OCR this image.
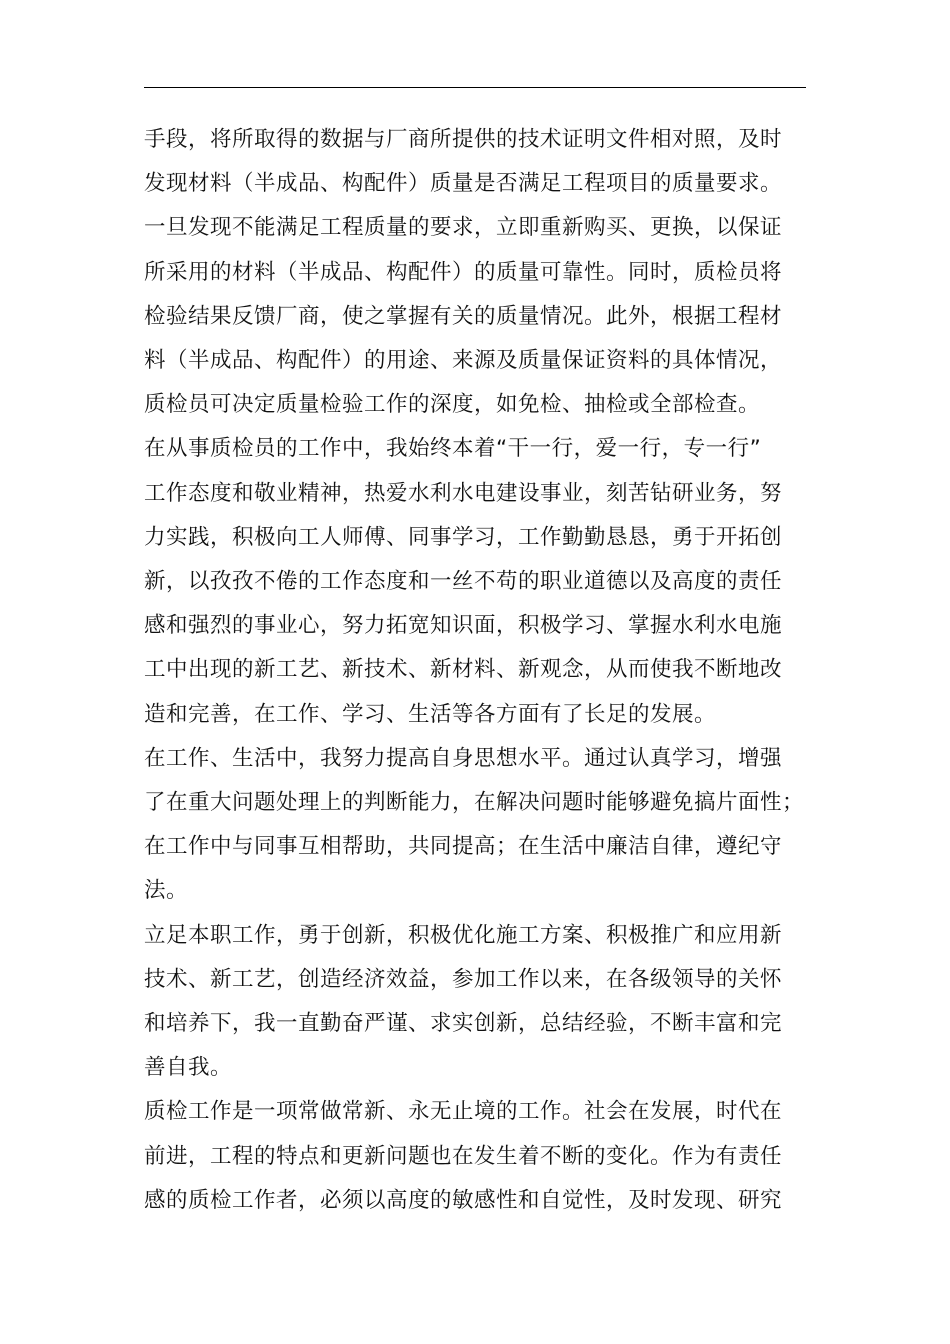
手段，将所取得的数据与厂商所提供的技术证明文件相对照，及时
发现材料（半成品、构配件）质量是否满足工程项目的质量要求。
一旦发现不能满足工程质量的要求，立即重新购买、更换，以保证
所采用的材料（半成品、构配件）的质量可靠性。同时，质检员将
检验结果反馈厂商，使之掌握有关的质量情况。此外，根据工程材
料（半成品、构配件）的用途、来源及质量保证资料的具体情况，
质检员可决定质量检验工作的深度，如免检、抽检或全部检查。
在从事质检员的工作中，我始终本着“干一行，爱一行，专一行”
工作态度和敬业精神，热爱水利水电建设事业，刻苦钻研业务，努
力实践，积极向工人师傅、同事学习，工作勤勤恳恳，勇于开拓创
新，以孜孜不倦的工作态度和一丝不苟的职业道德以及高度的责任
感和强烈的事业心，努力拓宽知识面，积极学习、掌握水利水电施
工中出现的新工艺、新技术、新材料、新观念，从而使我不断地改
造和完善，在工作、学习、生活等各方面有了长足的发展。
在工作、生活中，我努力提高自身思想水平。通过认真学习，增强
了在重大问题处理上的判断能力，在解决问题时能够避免搞片面性；
在工作中与同事互相帮助，共同提高；在生活中廉洁自律，遵纪守
法。
立足本职工作，勇于创新，积极优化施工方案、积极推广和应用新
技术、新工艺，创造经济效益，参加工作以来，在各级领导的关怀
和培养下，我一直勤奋严谨、求实创新，总结经验，不断丰富和完
善自我。
质检工作是一项常做常新、永无止境的工作。社会在发展，时代在
前进，工程的特点和更新问题也在发生着不断的变化。作为有责任
感的质检工作者，必须以高度的敏感性和自觉性，及时发现、研究
